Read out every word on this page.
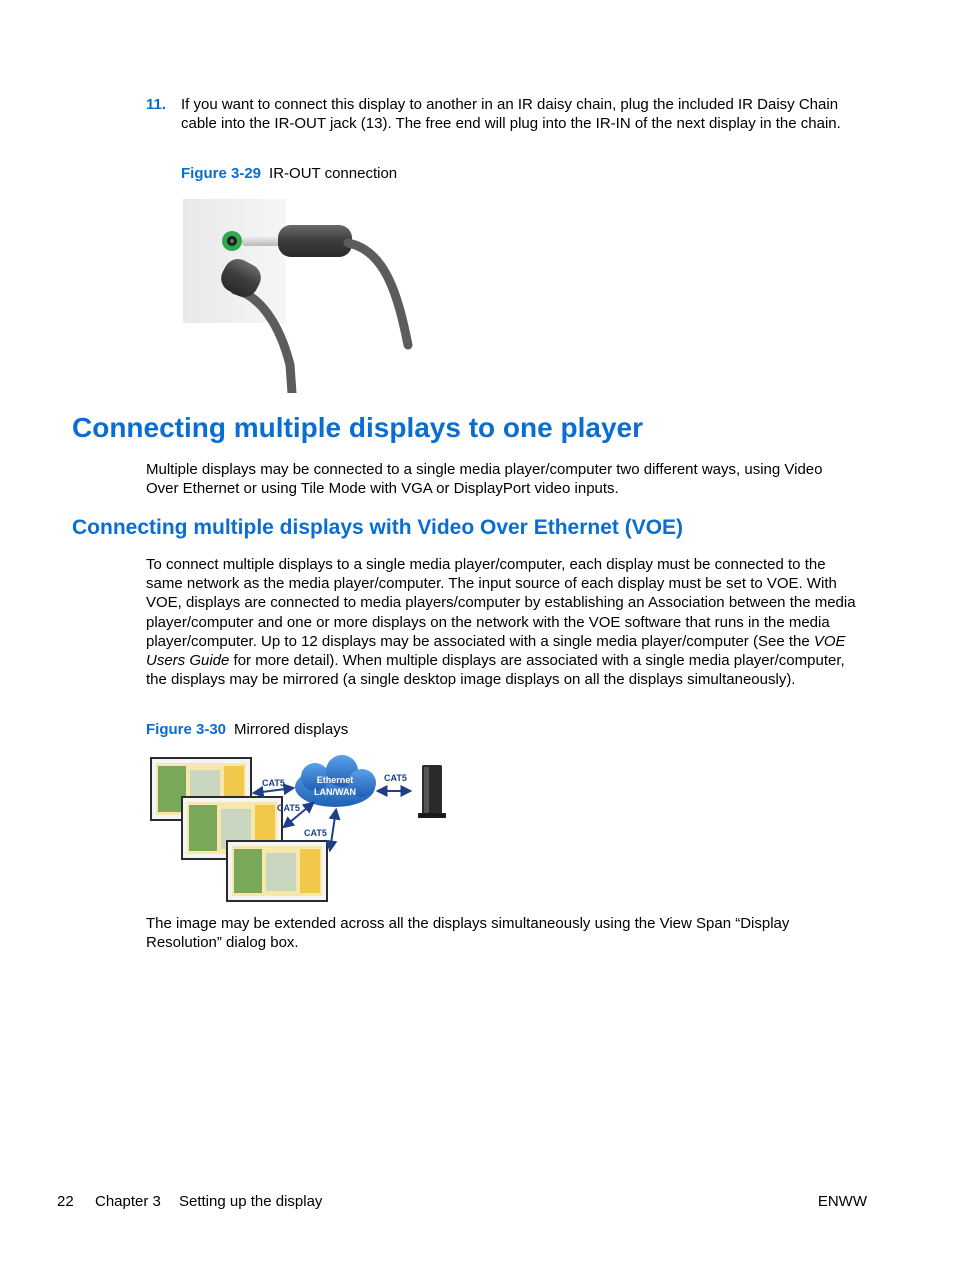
11. If you want to connect this display to another in an IR daisy chain, plug the included IR Daisy Chain cable into the IR-OUT jack (13). The free end will plug into the IR-IN of the next display in the chain.
Figure 3-29 IR-OUT connection
Connecting multiple displays to one player
Multiple displays may be connected to a single media player/computer two different ways, using Video Over Ethernet or using Tile Mode with VGA or DisplayPort video inputs.
Connecting multiple displays with Video Over Ethernet (VOE)
To connect multiple displays to a single media player/computer, each display must be connected to the same network as the media player/computer. The input source of each display must be set to VOE. With VOE, displays are connected to media players/computer by establishing an Association between the media player/computer and one or more displays on the network with the VOE software that runs in the media player/computer. Up to 12 displays may be associated with a single media player/computer (See the VOE Users Guide for more detail). When multiple displays are associated with a single media player/computer, the displays may be mirrored (a single desktop image displays on all the displays simultaneously).
Figure 3-30 Mirrored displays
Ethernet
LAN/WAN
CAT5
CAT5
CAT5
CAT5
The image may be extended across all the displays simultaneously using the View Span “Display Resolution” dialog box.
22 Chapter 3 Setting up the display	ENWW
